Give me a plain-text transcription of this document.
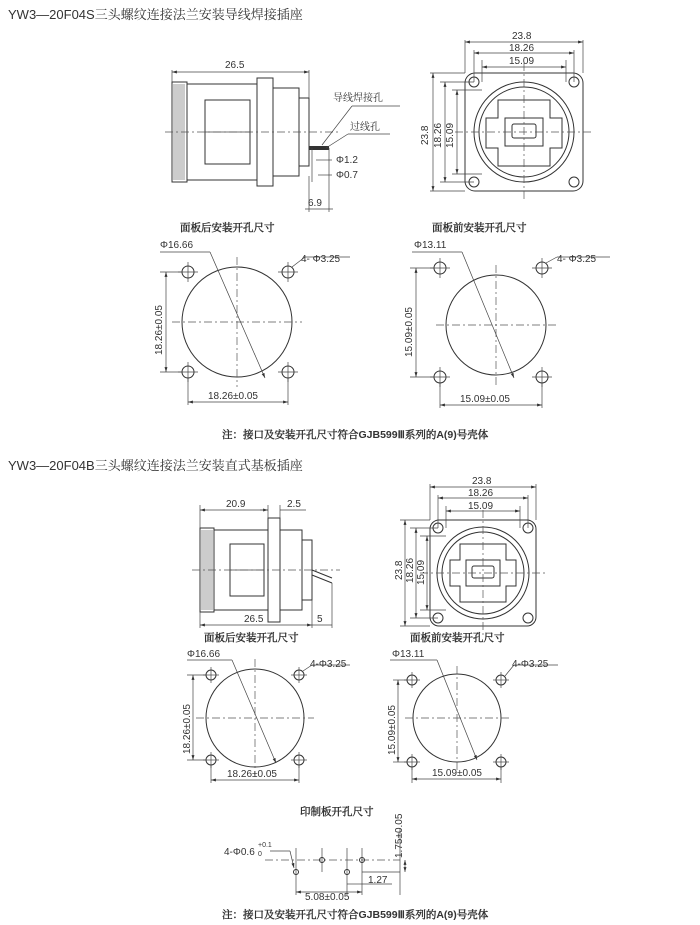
YW3—20F04S三头螺纹连接法兰安装导线焊接插座
26.5
导线焊接孔
过线孔
Φ1.2
Φ0.7
6.9
23.8
18.26
15.09
23.8 18.26 15.09
面板后安装开孔尺寸	面板前安装开孔尺寸
Φ16.66
4- Φ3.25
18.26±0.05
18.26±0.05
Φ13.11
4- Φ3.25
15.09±0.05
15.09±0.05
注：接口及安装开孔尺寸符合GJB599Ⅲ系列的A(9)号壳体
YW3—20F04B三头螺纹连接法兰安装直式基板插座
20.9	2.5
26.5	5
23.8
18.26
15.09
23.8 18.26 15.09
面板后安装开孔尺寸	面板前安装开孔尺寸
Φ16.66
4-Φ3.25
18.26±0.05
18.26±0.05
Φ13.11
4-Φ3.25
15.09±0.05
15.09±0.05
印制板开孔尺寸
1.75±0.05
4-Φ0.6
+0.1
0
5.08±0.05
1.27
注：接口及安装开孔尺寸符合GJB599Ⅲ系列的A(9)号壳体
